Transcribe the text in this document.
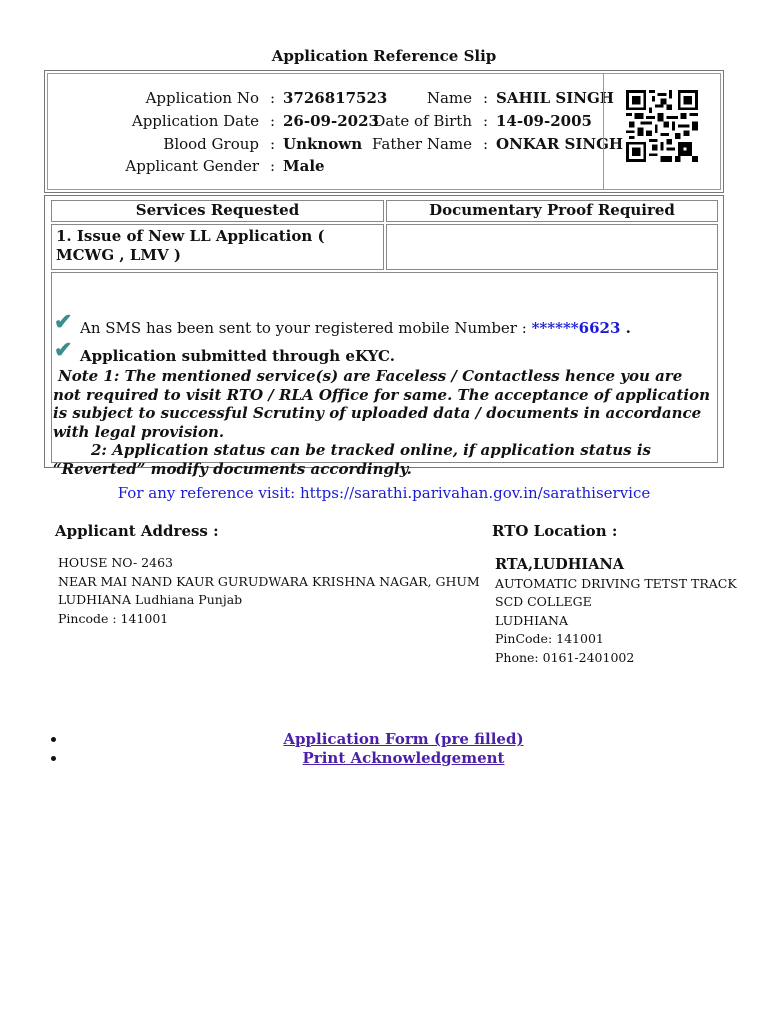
Application Reference Slip
Application No : 3726817523	Name : SAHIL SINGH
Application Date : 26-09-2023
Date of Birth : 14-09-2005
Blood Group : Unknown Father Name : ONKAR SINGH
Applicant Gender : Male
Services Requested	Documentary Proof Required
1. Issue of New LL Application ( MCWG , LMV )
✔ An SMS has been sent to your registered mobile Number : ******6623 .
✔ Application submitted through eKYC.
Note 1: The mentioned service(s) are Faceless / Contactless hence you are not required to visit RTO / RLA Office for same. The acceptance of application is subject to successful Scrutiny of uploaded data / documents in accordance with legal provision.
2: Application status can be tracked online, if application status is “Reverted” modify documents accordingly.
For any reference visit: https://sarathi.parivahan.gov.in/sarathiservice
Applicant Address :
HOUSE NO- 2463
NEAR MAI NAND KAUR GURUDWARA KRISHNA NAGAR, GHUM
LUDHIANA Ludhiana Punjab
Pincode : 141001
RTO Location :
RTA,LUDHIANA
AUTOMATIC DRIVING TETST TRACK
SCD COLLEGE
LUDHIANA
PinCode: 141001
Phone: 0161-2401002
• Application Form (pre filled)
• Print Acknowledgement
